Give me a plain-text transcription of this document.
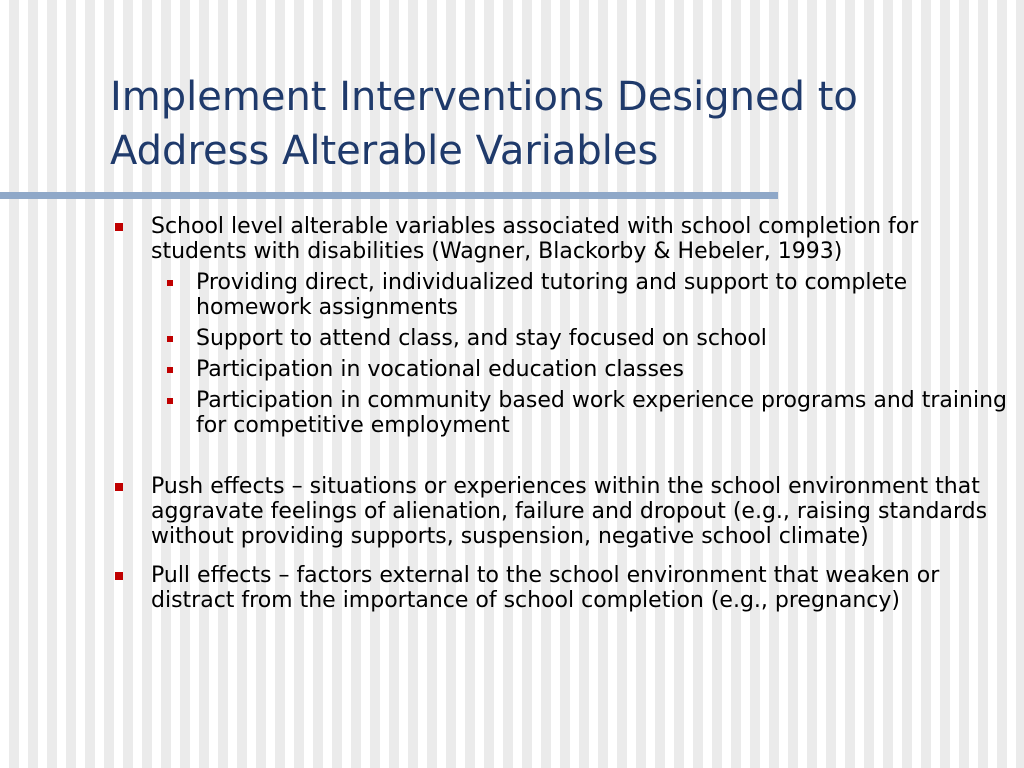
Implement Interventions Designed to Address Alterable Variables
School level alterable variables associated with school completion for students with disabilities (Wagner, Blackorby & Hebeler, 1993)
Providing direct, individualized tutoring and support to complete homework assignments
Support to attend class, and stay focused on school
Participation in vocational education classes
Participation in community based work experience programs and training for competitive employment
Push effects – situations or experiences within the school environment that aggravate feelings of alienation, failure and dropout (e.g., raising standards without providing supports, suspension, negative school climate)
Pull effects – factors external to the school environment that weaken or distract from the importance of school completion (e.g., pregnancy)
